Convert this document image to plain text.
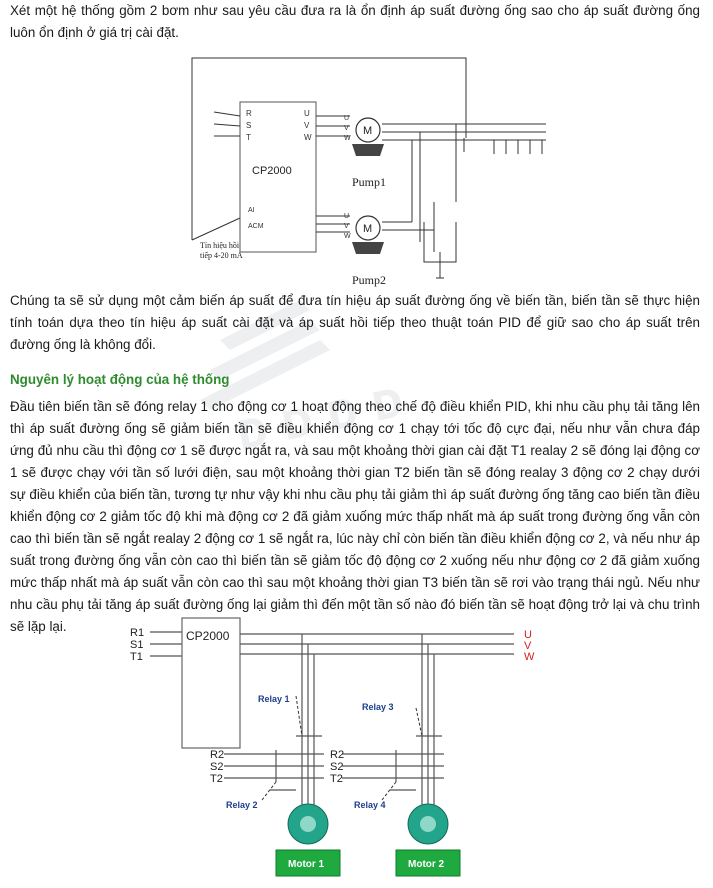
Xét một hệ thống gồm 2 bơm như sau yêu cầu đưa ra là ổn định áp suất đường ống sao cho áp suất đường ống luôn ổn định ở giá trị cài đặt.

R
S
T
U
V
W
AI
ACM
U
V
W
U
V
W
CP2000
M
M
Pump1
Pump2
Tín hiệu hồi
tiếp 4-20 mA
ᴅ ᴅ ᴅ ᴅ

Chúng ta sẽ sử dụng một cảm biến áp suất để đưa tín hiệu áp suất đường ống về biến tần, biến tần sẽ thực hiện tính toán dựa theo tín hiệu áp suất cài đặt và áp suất hồi tiếp theo thuật toán PID để giữ sao cho áp suất trên đường ống là không đổi.

Nguyên lý hoạt động của hệ thống

Đầu tiên biến tần sẽ đóng relay 1 cho động cơ 1 hoạt động theo chế độ điều khiển PID, khi nhu cầu phụ tải tăng lên thì áp suất đường ống sẽ giảm biến tần sẽ điều khiển động cơ 1 chạy tới tốc độ cực đại, nếu như vẫn chưa đáp ứng đủ nhu cầu thì động cơ 1 sẽ được ngắt ra, và sau một khoảng thời gian cài đặt T1 realay 2 sẽ đóng lại động cơ 1 sẽ được chạy với tần số lưới điện, sau một khoảng thời gian T2 biến tần sẽ đóng realay 3 động cơ 2 chạy dưới sự điều khiển của biến tần, tương tự như vậy khi nhu cầu phụ tải giảm thì áp suất đường ống tăng cao biến tần điều khiển động cơ 2 giảm tốc độ khi mà động cơ 2 đã giảm xuống mức thấp nhất mà áp suất trong đường ống vẫn còn cao thì biến tần sẽ ngắt realay 2 động cơ 1 sẽ ngắt ra, lúc này chỉ còn biến tần điều khiển động cơ 2, và nếu như áp suất trong đường ống vẫn còn cao thì biến tần sẽ giảm tốc độ động cơ 2 xuống nếu như động cơ 2 đã giảm xuống mức thấp nhất mà áp suất vẫn còn cao thì sau một khoảng thời gian T3 biến tần sẽ rơi vào trạng thái ngủ. Nếu như nhu cầu phụ tải tăng áp suất đường ống lại giảm thì đến một tần số nào đó biến tần sẽ hoạt động trở lại và chu trình sẽ lặp lại.	R1
S1
T1
R2
S2
T2
R2
S2
T2
U
V
W
CP2000
Relay 1
Relay 3
Relay 2	Relay 4
Motor 1	Motor 2
